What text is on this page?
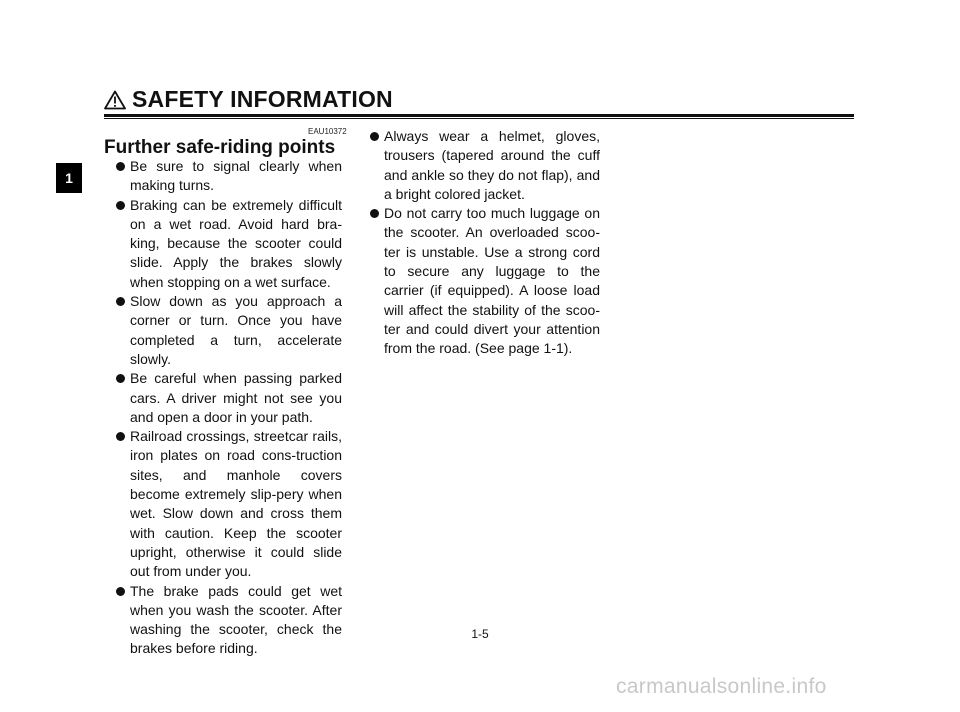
SAFETY INFORMATION
1
EAU10372
Further safe-riding points
Be sure to signal clearly when making turns.
Braking can be extremely difficult on a wet road. Avoid hard bra-king, because the scooter could slide. Apply the brakes slowly when stopping on a wet surface.
Slow down as you approach a corner or turn. Once you have completed a turn, accelerate slowly.
Be careful when passing parked cars. A driver might not see you and open a door in your path.
Railroad crossings, streetcar rails, iron plates on road cons-truction sites, and manhole covers become extremely slip-pery when wet. Slow down and cross them with caution. Keep the scooter upright, otherwise it could slide out from under you.
The brake pads could get wet when you wash the scooter. After washing the scooter, check the brakes before riding.
Always wear a helmet, gloves, trousers (tapered around the cuff and ankle so they do not flap), and a bright colored jacket.
Do not carry too much luggage on the scooter. An overloaded scoo-ter is unstable. Use a strong cord to secure any luggage to the carrier (if equipped). A loose load will affect the stability of the scoo-ter and could divert your attention from the road. (See page 1-1).
1-5
carmanualsonline.info
